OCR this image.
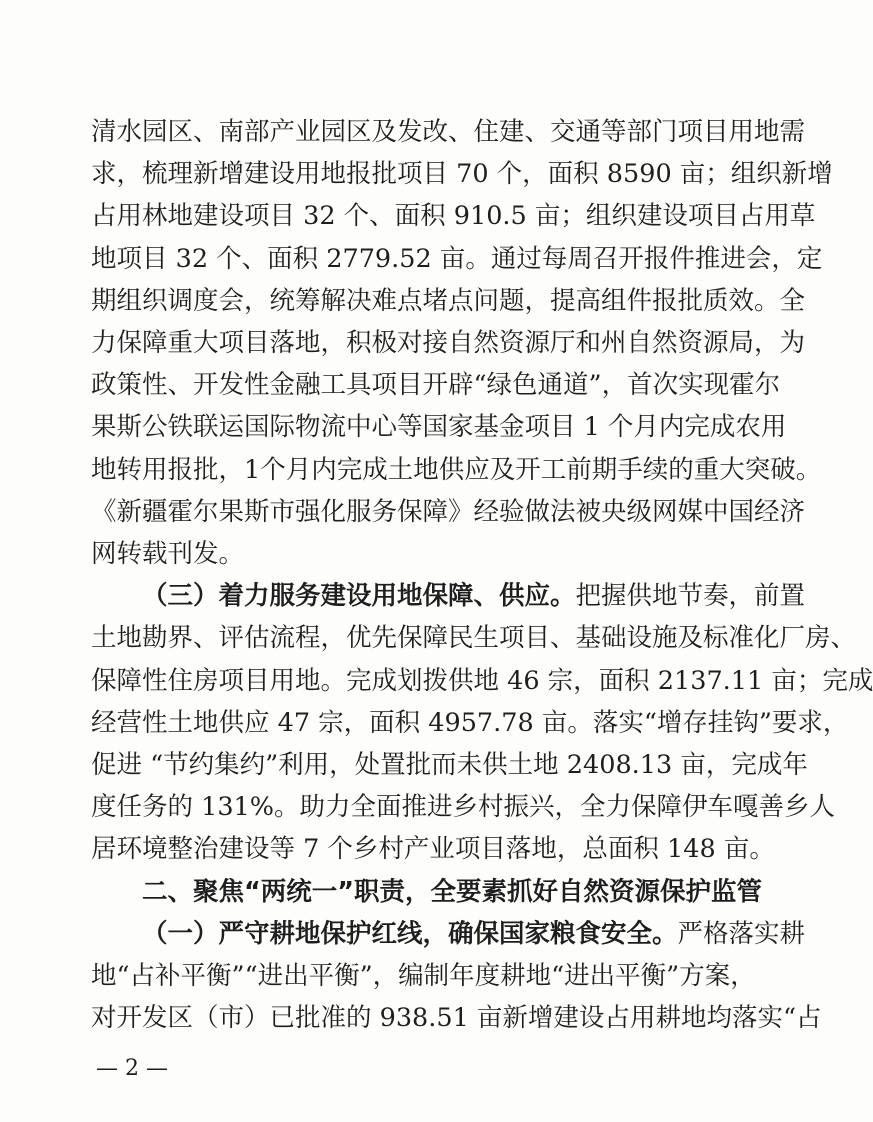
清水园区、南部产业园区及发改、住建、交通等部门项目用地需
求，梳理新增建设用地报批项目 70 个，面积 8590 亩；组织新增
占用林地建设项目 32 个、面积 910.5 亩；组织建设项目占用草
地项目 32 个、面积 2779.52 亩。通过每周召开报件推进会，定
期组织调度会，统筹解决难点堵点问题，提高组件报批质效。全
力保障重大项目落地，积极对接自然资源厅和州自然资源局，为
政策性、开发性金融工具项目开辟“绿色通道”，首次实现霍尔
果斯公铁联运国际物流中心等国家基金项目 1 个月内完成农用
地转用报批，1个月内完成土地供应及开工前期手续的重大突破。
《新疆霍尔果斯市强化服务保障》经验做法被央级网媒中国经济
网转载刊发。
（三）着力服务建设用地保障、供应。把握供地节奏，前置
土地勘界、评估流程，优先保障民生项目、基础设施及标准化厂房、
保障性住房项目用地。完成划拨供地 46 宗，面积 2137.11 亩；完成
经营性土地供应 47 宗，面积 4957.78 亩。落实“增存挂钩”要求，
促进 “节约集约”利用，处置批而未供土地 2408.13 亩，完成年
度任务的 131%。助力全面推进乡村振兴，全力保障伊车嘎善乡人
居环境整治建设等 7 个乡村产业项目落地，总面积 148 亩。
二、聚焦“两统一”职责，全要素抓好自然资源保护监管
— 2 —
（一）严守耕地保护红线，确保国家粮食安全。严格落实耕
地“占补平衡”“进出平衡”，编制年度耕地“进出平衡”方案，
对开发区（市）已批准的 938.51 亩新增建设占用耕地均落实“占
